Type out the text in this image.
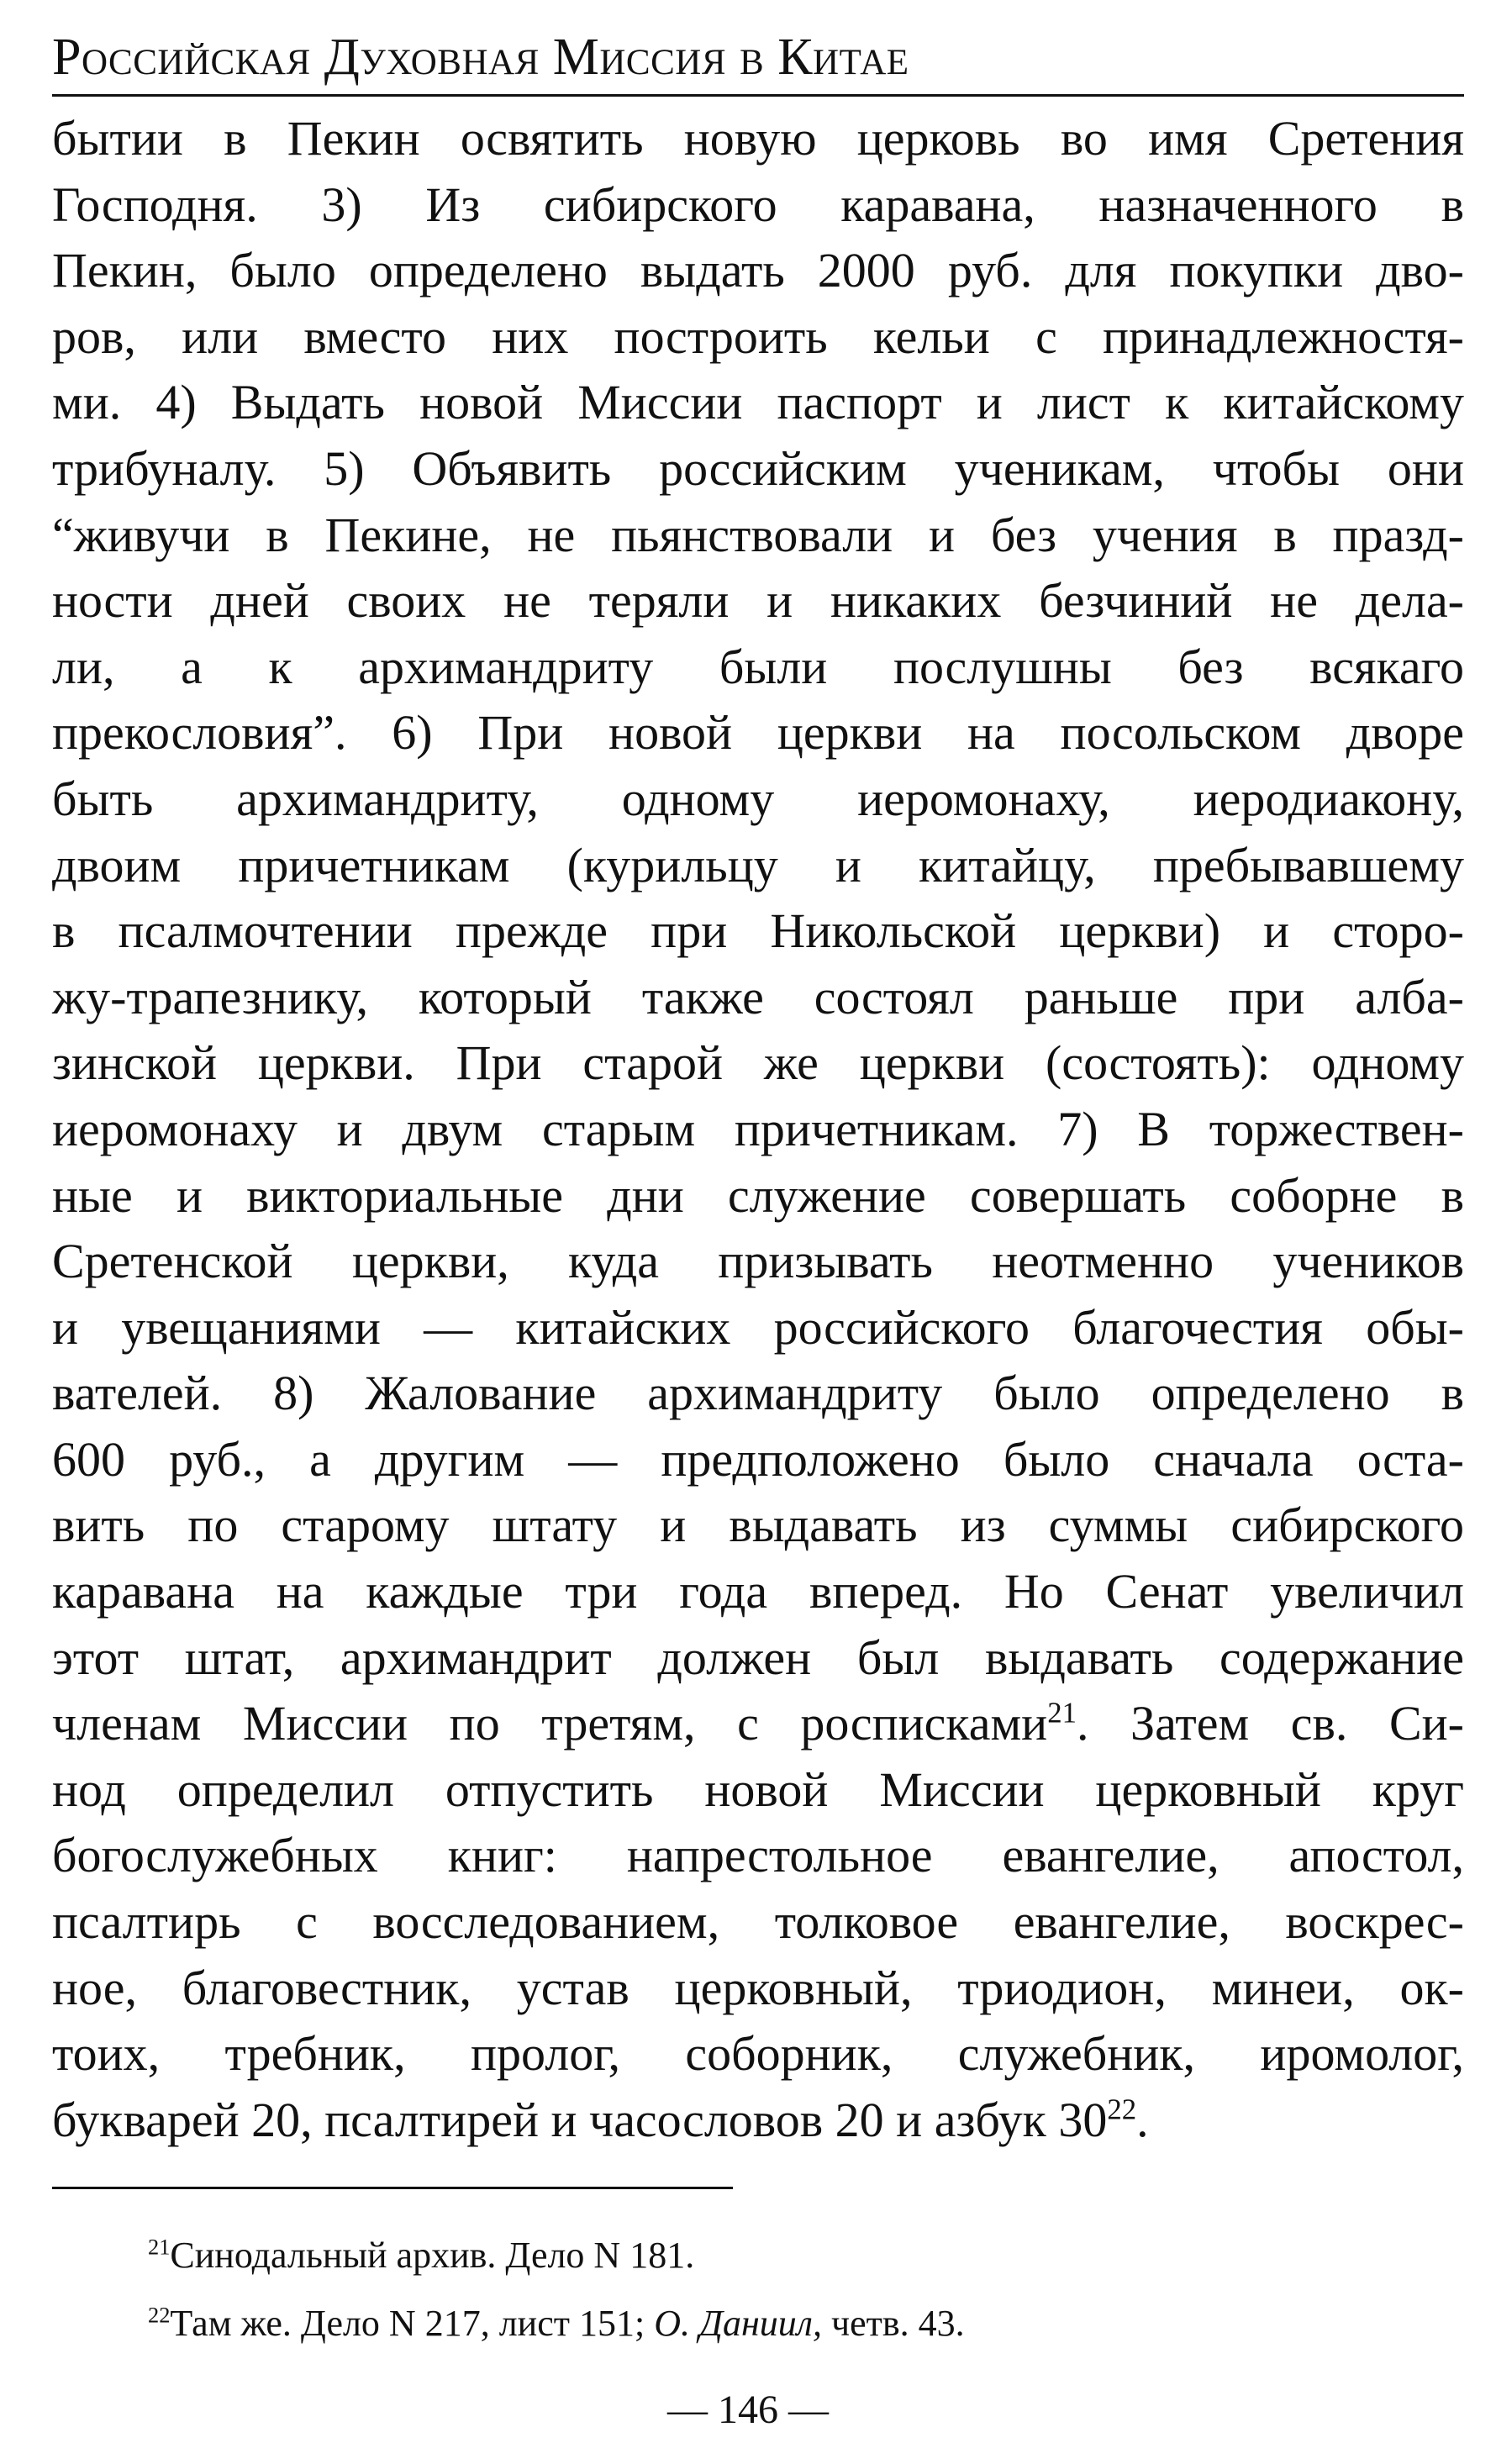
Российская Духовная Миссия в Китае
бытии в Пекин освятить новую церковь во имя Сретения
Господня. 3) Из сибирского каравана, назначенного в
Пекин, было определено выдать 2000 руб. для покупки дво-
ров, или вместо них построить кельи с принадлежностя-
ми. 4) Выдать новой Миссии паспорт и лист к китайскому
трибуналу. 5) Объявить российским ученикам, чтобы они
“живучи в Пекине, не пьянствовали и без учения в празд-
ности дней своих не теряли и никаких безчиний не дела-
ли, а к архимандриту были послушны без всякаго
прекословия”. 6) При новой церкви на посольском дворе
быть архимандриту, одному иеромонаху, иеродиакону,
двоим причетникам (курильцу и китайцу, пребывавшему
в псалмочтении прежде при Никольской церкви) и сторо-
жу-трапезнику, который также состоял раньше при алба-
зинской церкви. При старой же церкви (состоять): одному
иеромонаху и двум старым причетникам. 7) В торжествен-
ные и викториальные дни служение совершать соборне в
Сретенской церкви, куда призывать неотменно учеников
и увещаниями — китайских российского благочестия обы-
вателей. 8) Жалование архимандриту было определено в
600 руб., а другим — предположено было сначала оста-
вить по старому штату и выдавать из суммы сибирского
каравана на каждые три года вперед. Но Сенат увеличил
этот штат, архимандрит должен был выдавать содержание
членам Миссии по третям, с росписками$^{21}$. Затем св. Си-
нод определил отпустить новой Миссии церковный круг
богослужебных книг: напрестольное евангелие, апостол,
псалтирь с восследованием, толковое евангелие, воскрес-
ное, благовестник, устав церковный, триодион, минеи, ок-
тоих, требник, пролог, соборник, служебник, иромолог,
букварей 20, псалтирей и часословов 20 и азбук $30^{22}$.
$^{21}$Синодальный архив. Дело N 181.
$^{22}$Там же. Дело N 217, лист 151; О. Даниил, четв. 43.
— 146 —
